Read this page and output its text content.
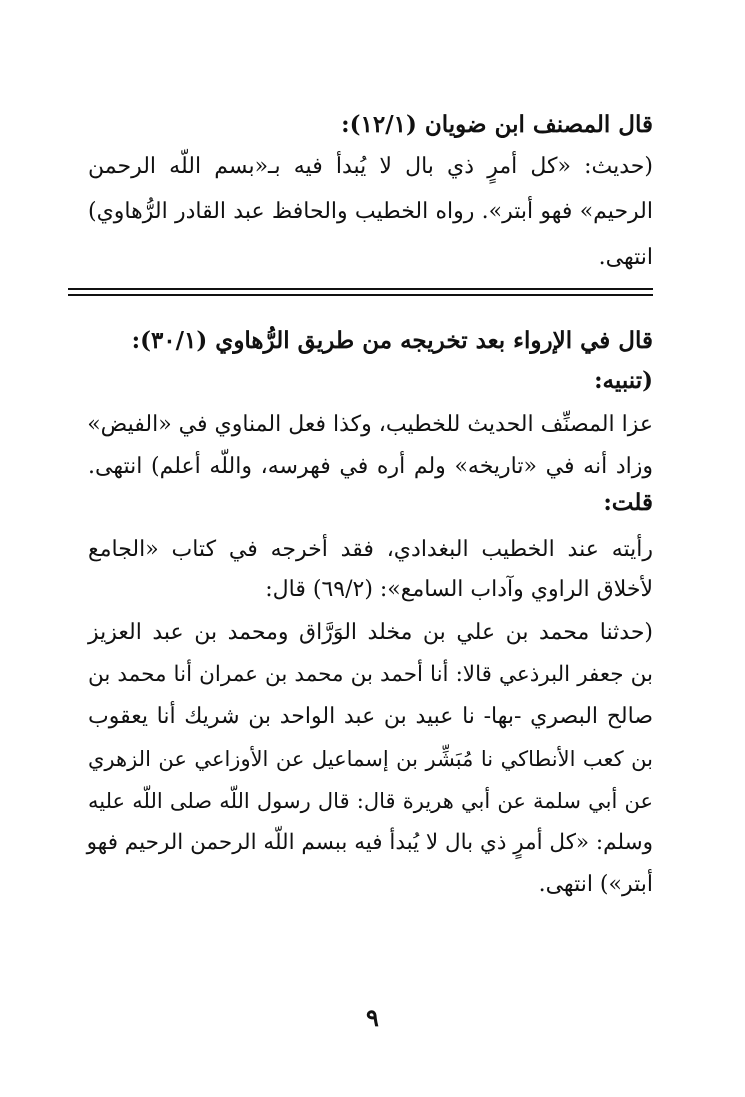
قال المصنف ابن ضويان (١٢/١):
(حديث: «كل أمرٍ ذي بال لا يُبدأ فيه بـ«بسم اللّه الرحمن
الرحيم» فهو أبتر». رواه الخطيب والحافظ عبد القادر الرُّهاوي)
انتهى.
قال في الإرواء بعد تخريجه من طريق الرُّهاوي (٣٠/١):
(تنبيه:
عزا المصنِّف الحديث للخطيب، وكذا فعل المناوي في «الفيض»
وزاد أنه في «تاريخه» ولم أره في فهرسه، واللّه أعلم) انتهى.
قلت:
رأيته عند الخطيب البغدادي، فقد أخرجه في كتاب «الجامع
لأخلاق الراوي وآداب السامع»: (٦٩/٢) قال:
(حدثنا محمد بن علي بن مخلد الوَرَّاق ومحمد بن عبد العزيز
بن جعفر البرذعي قالا: أنا أحمد بن محمد بن عمران أنا محمد بن
صالح البصري -بها- نا عبيد بن عبد الواحد بن شريك أنا يعقوب
بن كعب الأنطاكي نا مُبَشِّر بن إسماعيل عن الأوزاعي عن الزهري
عن أبي سلمة عن أبي هريرة قال: قال رسول اللّه صلى اللّه عليه
وسلم: «كل أمرٍ ذي بال لا يُبدأ فيه ببسم اللّه الرحمن الرحيم فهو
أبتر») انتهى.
٩
